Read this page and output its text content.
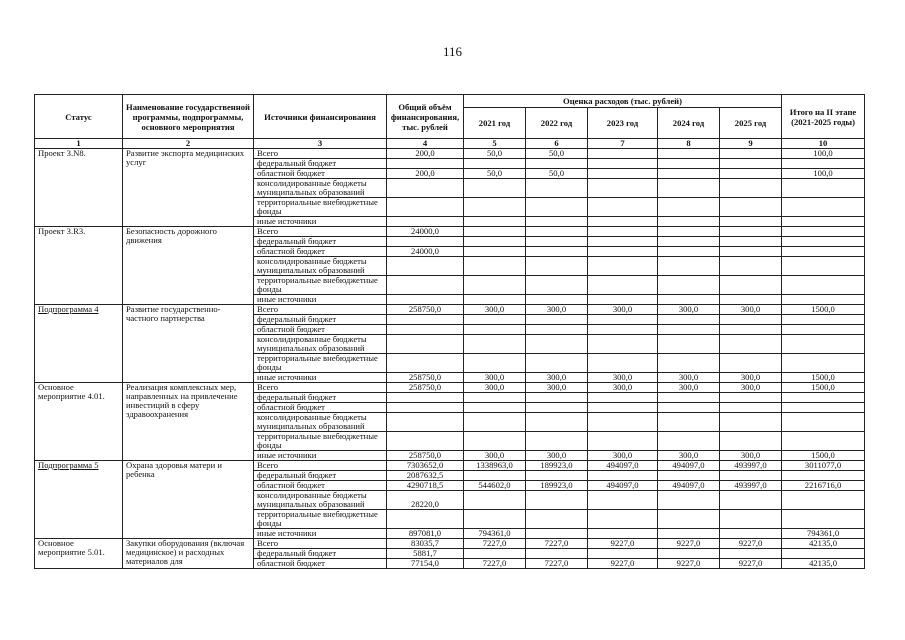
116
Статус	Наименование государственной программы, подпрограммы, основного мероприятия	Источники финансирования	Общий объём финансирования, тыс. рублей	Оценка расходов (тыс. рублей)					Итого на II этапе (2021-2025 годы)
				2021 год	2022 год	2023 год	2024 год	2025 год	
1	2	3	4	5	6	7	8	9	10
Проект 3.N8.	Развитие экспорта медицинских услуг	Всего	200,0	50,0	50,0				100,0
		федеральный бюджет							
		областной бюджет	200,0	50,0	50,0				100,0
		консолидированные бюджеты муниципальных образований							
		территориальные внебюджетные фонды							
		иные источники							
Проект 3.R3.	Безопасность дорожного движения	Всего	24000,0						
		федеральный бюджет							
		областной бюджет	24000,0						
		консолидированные бюджеты муниципальных образований							
		территориальные внебюджетные фонды							
		иные источники							
Подпрограмма 4	Развитие государственно-частного партнерства	Всего	258750,0	300,0	300,0	300,0	300,0	300,0	1500,0
		федеральный бюджет							
		областной бюджет							
		консолидированные бюджеты муниципальных образований							
		территориальные внебюджетные фонды							
		иные источники	258750,0	300,0	300,0	300,0	300,0	300,0	1500,0
Основное мероприятие 4.01.	Реализация комплексных мер, направленных на привлечение инвестиций в сферу здравоохранения	Всего	258750,0	300,0	300,0	300,0	300,0	300,0	1500,0
		федеральный бюджет							
		областной бюджет							
		консолидированные бюджеты муниципальных образований							
		территориальные внебюджетные фонды							
		иные источники	258750,0	300,0	300,0	300,0	300,0	300,0	1500,0
Подпрограмма 5	Охрана здоровья матери и ребенка	Всего	7303652,0	1338963,0	189923,0	494097,0	494097,0	493997,0	3011077,0
		федеральный бюджет	2087632,5						
		областной бюджет	4290718,5	544602,0	189923,0	494097,0	494097,0	493997,0	2216716,0
		консолидированные бюджеты муниципальных образований	28220,0						
		территориальные внебюджетные фонды							
		иные источники	897081,0	794361,0					794361,0
Основное мероприятие 5.01.	Закупки оборудования (включая медицинское) и расходных материалов для	Всего	83035,7	7227,0	7227,0	9227,0	9227,0	9227,0	42135,0
		федеральный бюджет	5881,7						
		областной бюджет	77154,0	7227,0	7227,0	9227,0	9227,0	9227,0	42135,0
